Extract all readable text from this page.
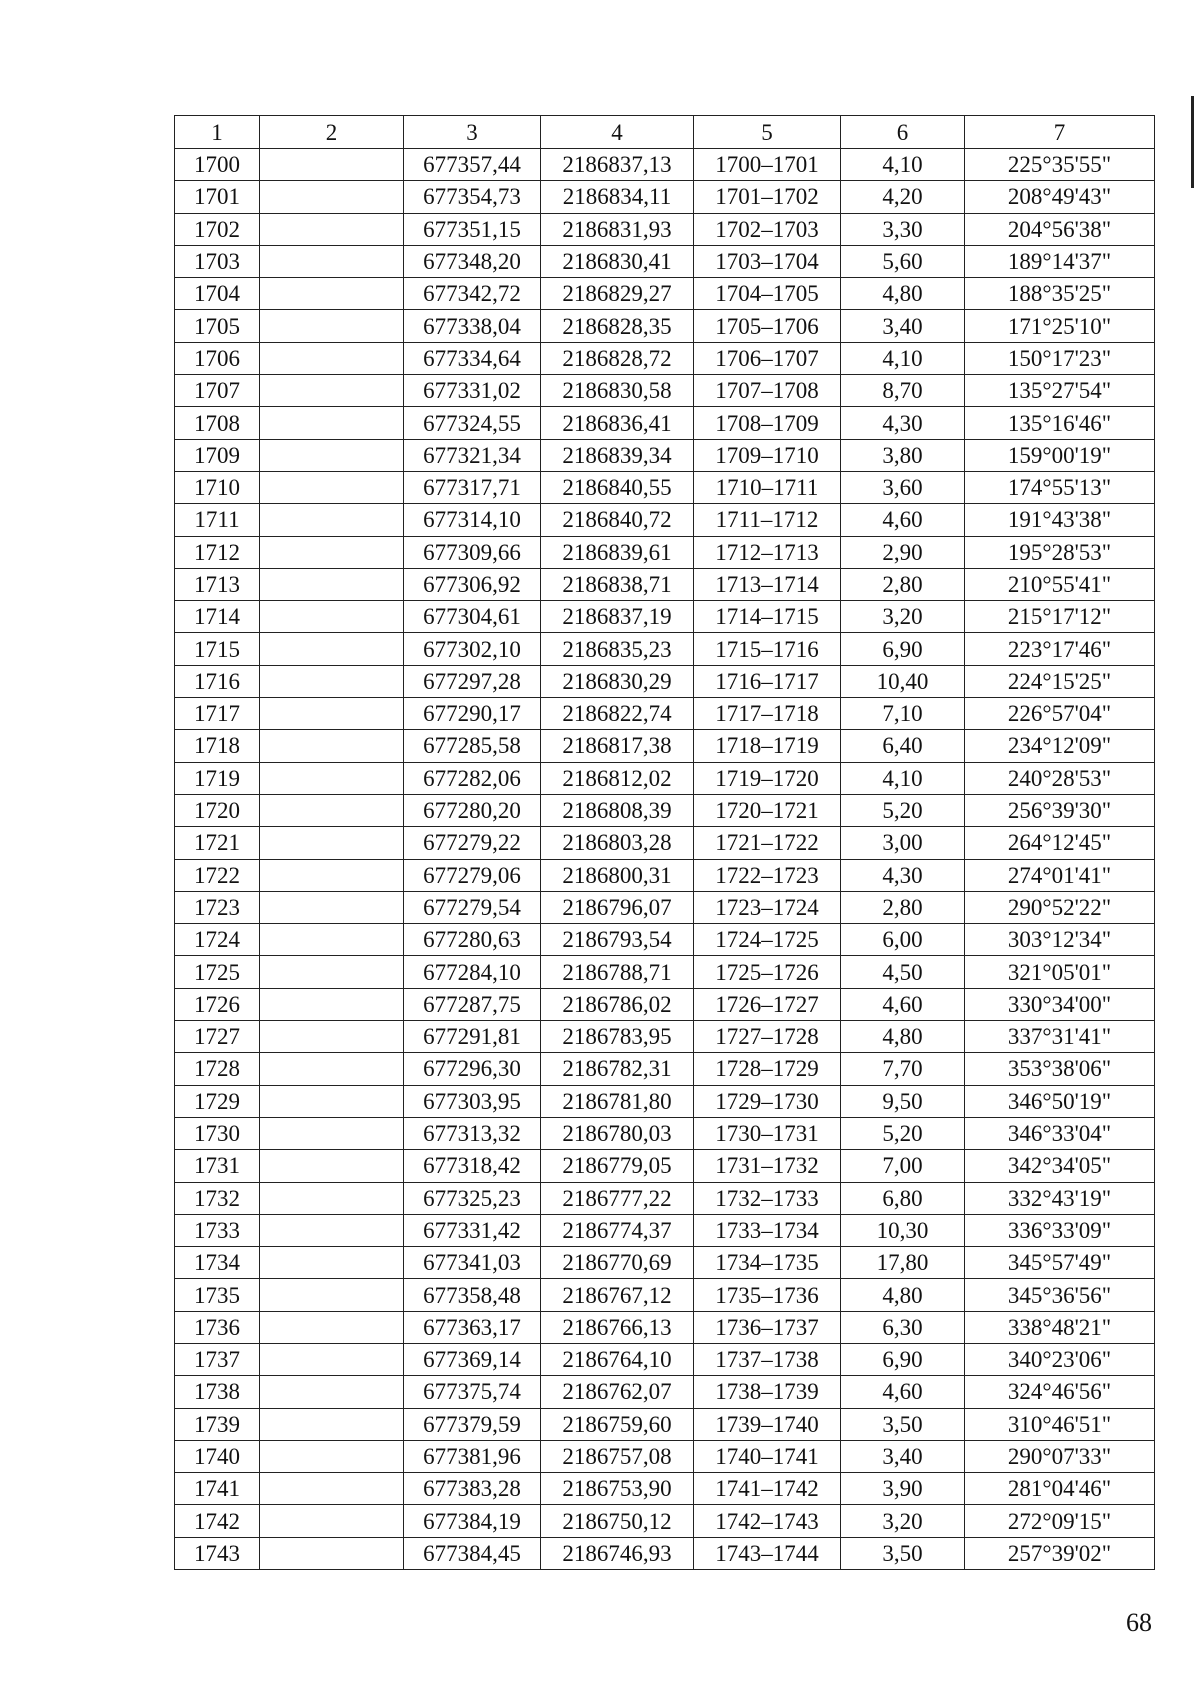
1	2	3	4	5	6	7
1700		677357,44	2186837,13	1700–1701	4,10	225°35'55"
1701		677354,73	2186834,11	1701–1702	4,20	208°49'43"
1702		677351,15	2186831,93	1702–1703	3,30	204°56'38"
1703		677348,20	2186830,41	1703–1704	5,60	189°14'37"
1704		677342,72	2186829,27	1704–1705	4,80	188°35'25"
1705		677338,04	2186828,35	1705–1706	3,40	171°25'10"
1706		677334,64	2186828,72	1706–1707	4,10	150°17'23"
1707		677331,02	2186830,58	1707–1708	8,70	135°27'54"
1708		677324,55	2186836,41	1708–1709	4,30	135°16'46"
1709		677321,34	2186839,34	1709–1710	3,80	159°00'19"
1710		677317,71	2186840,55	1710–1711	3,60	174°55'13"
1711		677314,10	2186840,72	1711–1712	4,60	191°43'38"
1712		677309,66	2186839,61	1712–1713	2,90	195°28'53"
1713		677306,92	2186838,71	1713–1714	2,80	210°55'41"
1714		677304,61	2186837,19	1714–1715	3,20	215°17'12"
1715		677302,10	2186835,23	1715–1716	6,90	223°17'46"
1716		677297,28	2186830,29	1716–1717	10,40	224°15'25"
1717		677290,17	2186822,74	1717–1718	7,10	226°57'04"
1718		677285,58	2186817,38	1718–1719	6,40	234°12'09"
1719		677282,06	2186812,02	1719–1720	4,10	240°28'53"
1720		677280,20	2186808,39	1720–1721	5,20	256°39'30"
1721		677279,22	2186803,28	1721–1722	3,00	264°12'45"
1722		677279,06	2186800,31	1722–1723	4,30	274°01'41"
1723		677279,54	2186796,07	1723–1724	2,80	290°52'22"
1724		677280,63	2186793,54	1724–1725	6,00	303°12'34"
1725		677284,10	2186788,71	1725–1726	4,50	321°05'01"
1726		677287,75	2186786,02	1726–1727	4,60	330°34'00"
1727		677291,81	2186783,95	1727–1728	4,80	337°31'41"
1728		677296,30	2186782,31	1728–1729	7,70	353°38'06"
1729		677303,95	2186781,80	1729–1730	9,50	346°50'19"
1730		677313,32	2186780,03	1730–1731	5,20	346°33'04"
1731		677318,42	2186779,05	1731–1732	7,00	342°34'05"
1732		677325,23	2186777,22	1732–1733	6,80	332°43'19"
1733		677331,42	2186774,37	1733–1734	10,30	336°33'09"
1734		677341,03	2186770,69	1734–1735	17,80	345°57'49"
1735		677358,48	2186767,12	1735–1736	4,80	345°36'56"
1736		677363,17	2186766,13	1736–1737	6,30	338°48'21"
1737		677369,14	2186764,10	1737–1738	6,90	340°23'06"
1738		677375,74	2186762,07	1738–1739	4,60	324°46'56"
1739		677379,59	2186759,60	1739–1740	3,50	310°46'51"
1740		677381,96	2186757,08	1740–1741	3,40	290°07'33"
1741		677383,28	2186753,90	1741–1742	3,90	281°04'46"
1742		677384,19	2186750,12	1742–1743	3,20	272°09'15"
1743		677384,45	2186746,93	1743–1744	3,50	257°39'02"
68
